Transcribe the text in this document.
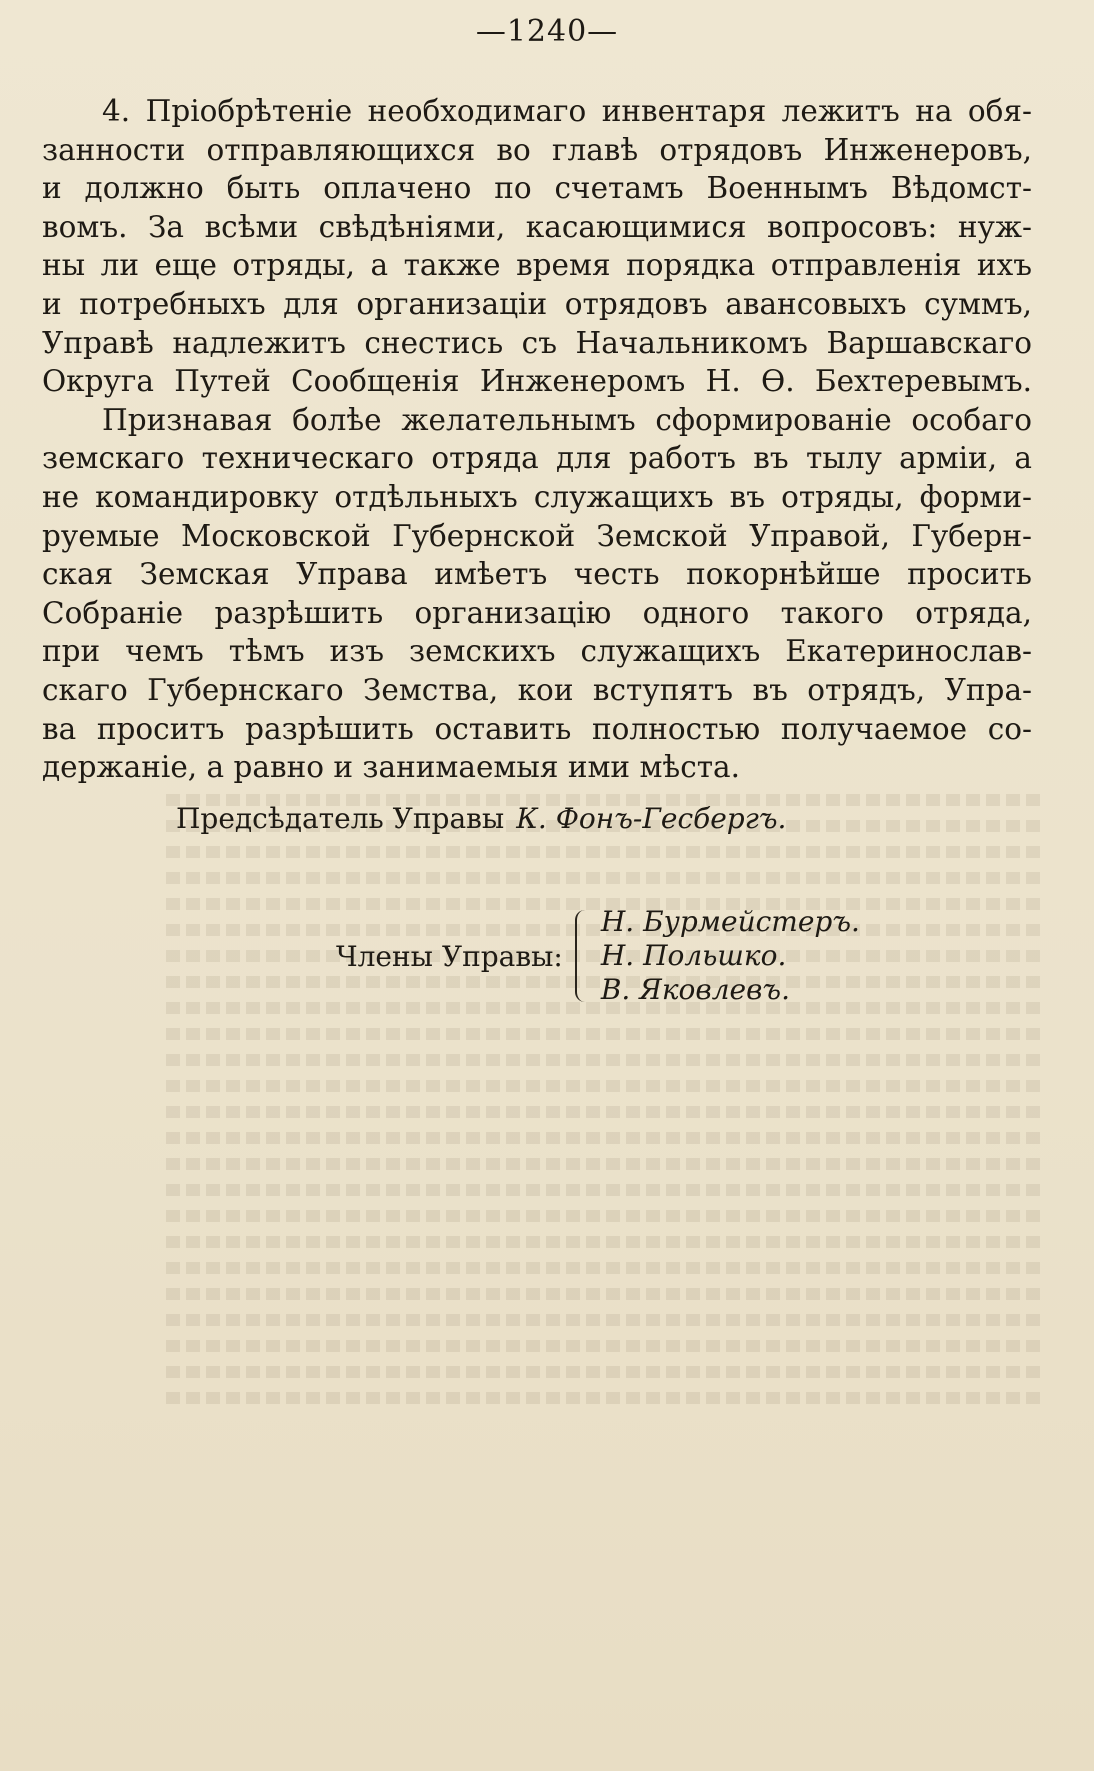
—1240—
4. Пріобрѣтеніе необходимаго инвентаря лежитъ на обя-
занности отправляющихся во главѣ отрядовъ Инженеровъ,
и должно быть оплачено по счетамъ Военнымъ Вѣдомст-
вомъ. За всѣми свѣдѣніями, касающимися вопросовъ: нуж-
ны ли еще отряды, а также время порядка отправленія ихъ
и потребныхъ для организаціи отрядовъ авансовыхъ суммъ,
Управѣ надлежитъ снестись съ Начальникомъ Варшавскаго
Округа Путей Сообщенія Инженеромъ Н. Ѳ. Бехтеревымъ.
Признавая болѣе желательнымъ сформированіе особаго
земскаго техническаго отряда для работъ въ тылу арміи, а
не командировку отдѣльныхъ служащихъ въ отряды, форми-
руемые Московской Губернской Земской Управой, Губерн-
ская Земская Управа имѣетъ честь покорнѣйше просить
Собраніе разрѣшить организацію одного такого отряда,
при чемъ тѣмъ изъ земскихъ служащихъ Екатеринослав-
скаго Губернскаго Земства, кои вступятъ въ отрядъ, Упра-
ва проситъ разрѣшить оставить полностью получаемое со-
держаніе, а равно и занимаемыя ими мѣста.
Предсѣдатель Управы К. Фонъ-Гесбергъ.
Члены Управы:
Н. Бурмейстеръ.
Н. Польшко.
В. Яковлевъ.
